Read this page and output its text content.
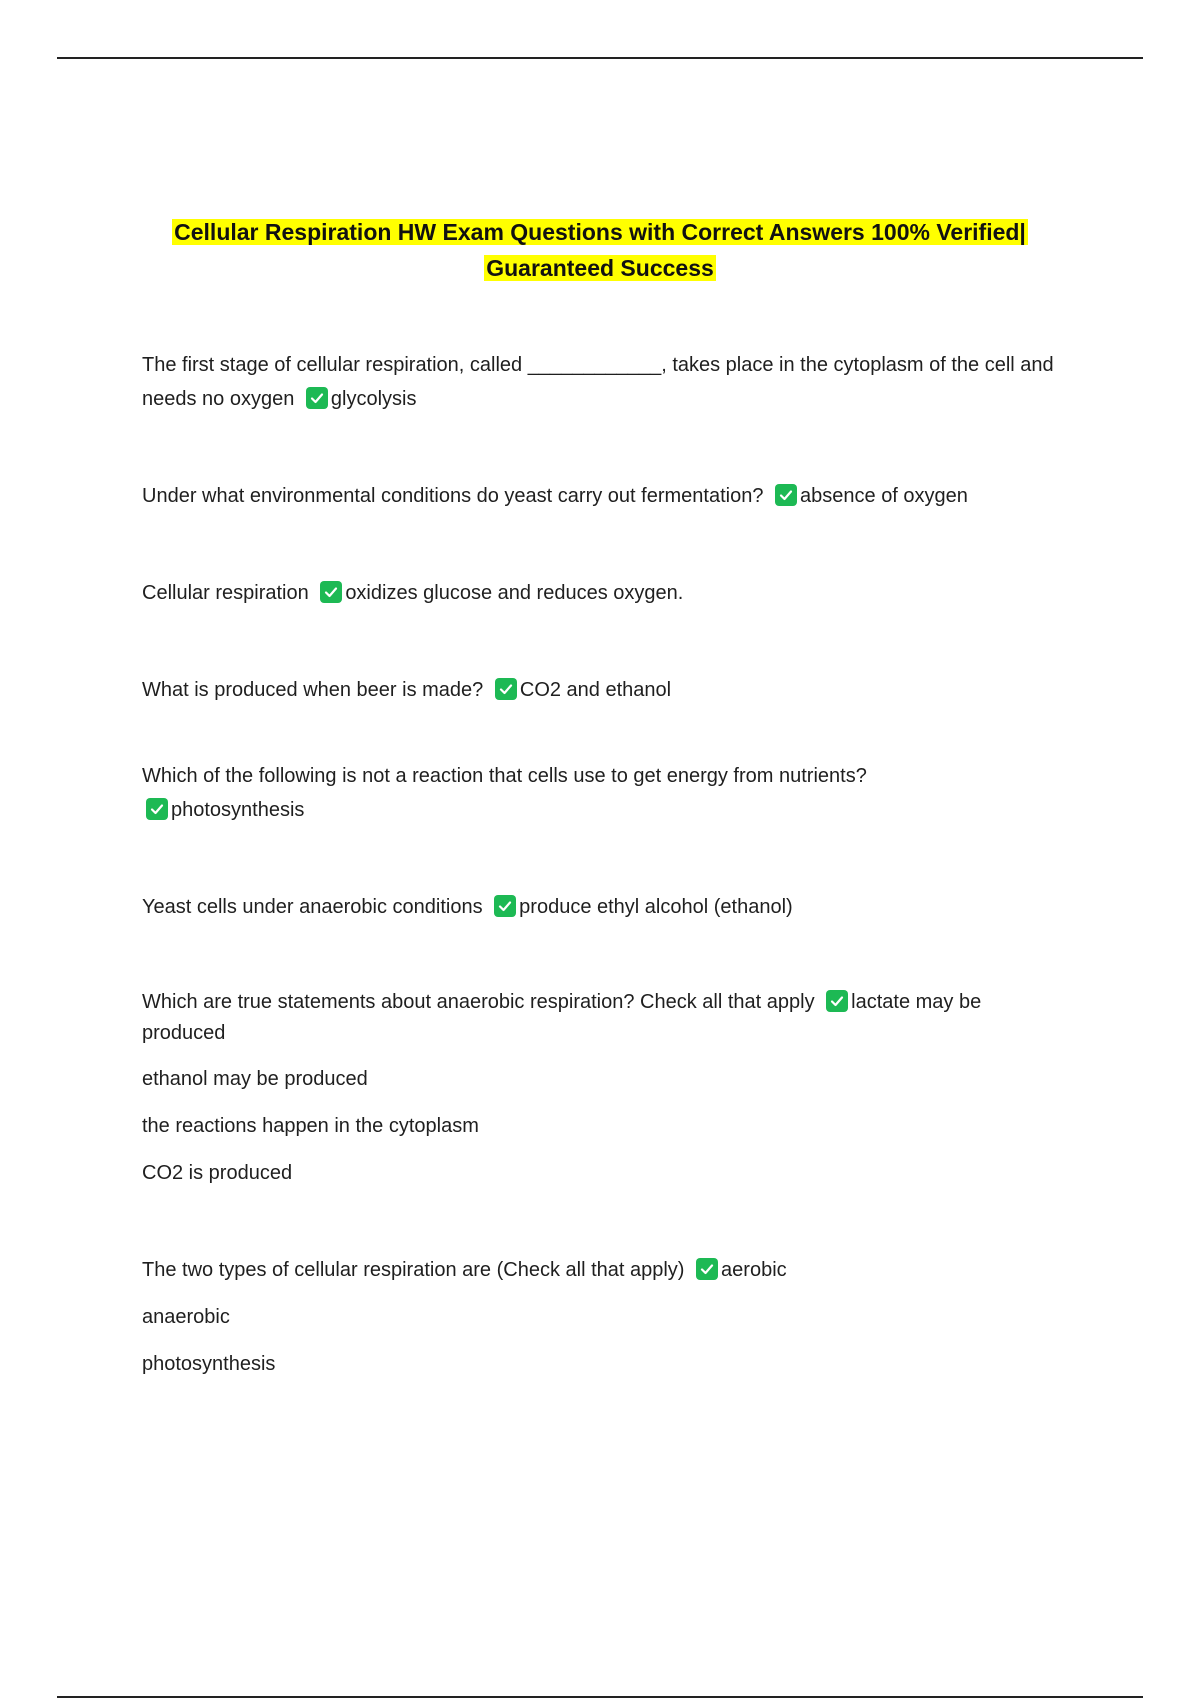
Cellular Respiration HW Exam Questions with Correct Answers 100% Verified| Guaranteed Success

The first stage of cellular respiration, called ____________, takes place in the cytoplasm of the cell and needs no oxygen glycolysis

Under what environmental conditions do yeast carry out fermentation? absence of oxygen

Cellular respiration oxidizes glucose and reduces oxygen.

What is produced when beer is made? CO2 and ethanol

Which of the following is not a reaction that cells use to get energy from nutrients?

photosynthesis

Yeast cells under anaerobic conditions produce ethyl alcohol (ethanol)

Which are true statements about anaerobic respiration? Check all that apply lactate may be produced

ethanol may be produced

the reactions happen in the cytoplasm

CO2 is produced

The two types of cellular respiration are (Check all that apply) aerobic

anaerobic

photosynthesis
